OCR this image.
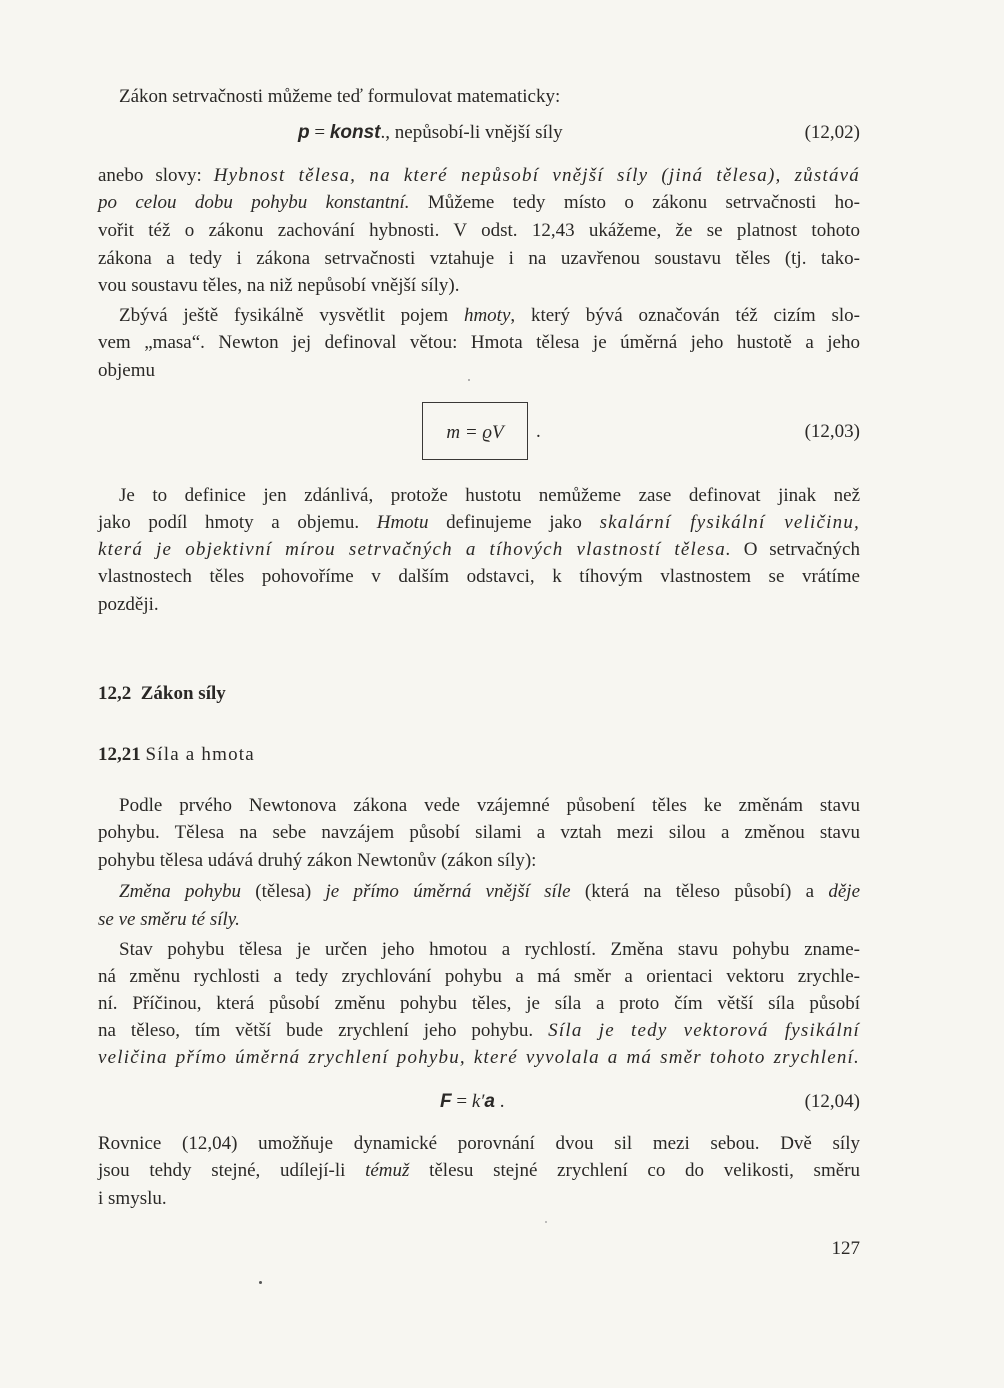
Zákon setrvačnosti můžeme teď formulovat matematicky:
p = konst., nepůsobí-li vnější síly	(12,02)
anebo slovy: Hybnost tělesa, na které nepůsobí vnější síly (jiná tělesa), zůstává
po celou dobu pohybu konstantní. Můžeme tedy místo o zákonu setrvačnosti ho-
vořit též o zákonu zachování hybnosti. V odst. 12,43 ukážeme, že se platnost tohoto
zákona a tedy i zákona setrvačnosti vztahuje i na uzavřenou soustavu těles (tj. tako-
vou soustavu těles, na niž nepůsobí vnější síly).
Zbývá ještě fysikálně vysvětlit pojem hmoty, který bývá označován též cizím slo-
vem „masa“. Newton jej definoval větou: Hmota tělesa je úměrná jeho hustotě a jeho
objemu
m = ϱV	.	(12,03)
Je to definice jen zdánlivá, protože hustotu nemůžeme zase definovat jinak než
jako podíl hmoty a objemu. Hmotu definujeme jako skalární fysikální veličinu,
která je objektivní mírou setrvačných a tíhových vlastností tělesa. O setrvačných
vlastnostech těles pohovoříme v dalším odstavci, k tíhovým vlastnostem se vrátíme
později.
12,2 Zákon síly
12,21 Síla a hmota
Podle prvého Newtonova zákona vede vzájemné působení těles ke změnám stavu
pohybu. Tělesa na sebe navzájem působí silami a vztah mezi silou a změnou stavu
pohybu tělesa udává druhý zákon Newtonův (zákon síly):
Změna pohybu (tělesa) je přímo úměrná vnější síle (která na těleso působí) a děje
se ve směru té síly.
Stav pohybu tělesa je určen jeho hmotou a rychlostí. Změna stavu pohybu zname-
ná změnu rychlosti a tedy zrychlování pohybu a má směr a orientaci vektoru zrychle-
ní. Příčinou, která působí změnu pohybu těles, je síla a proto čím větší síla působí
na těleso, tím větší bude zrychlení jeho pohybu. Síla je tedy vektorová fysikální
veličina přímo úměrná zrychlení pohybu, které vyvolala a má směr tohoto zrychlení.
F = k′a .	(12,04)
Rovnice (12,04) umožňuje dynamické porovnání dvou sil mezi sebou. Dvě síly
jsou tehdy stejné, udílejí-li témuž tělesu stejné zrychlení co do velikosti, směru
i smyslu.
127
